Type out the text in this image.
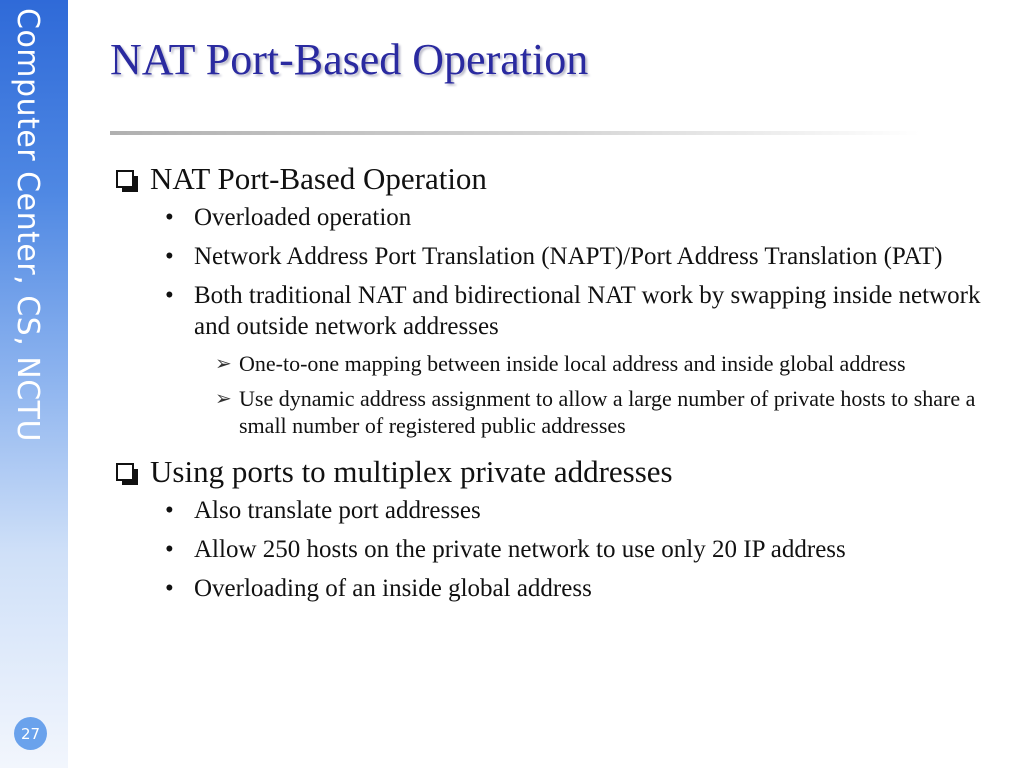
Computer Center, CS, NCTU
27
NAT Port-Based Operation
NAT Port-Based Operation
• Overloaded operation
• Network Address Port Translation (NAPT)/Port Address Translation (PAT)
• Both traditional NAT and bidirectional NAT work by swapping inside network and outside network addresses
➢ One-to-one mapping between inside local address and inside global address
➢ Use dynamic address assignment to allow a large number of private hosts to share a small number of registered public addresses
Using ports to multiplex private addresses
• Also translate port addresses
• Allow 250 hosts on the private network to use only 20 IP address
• Overloading of an inside global address
